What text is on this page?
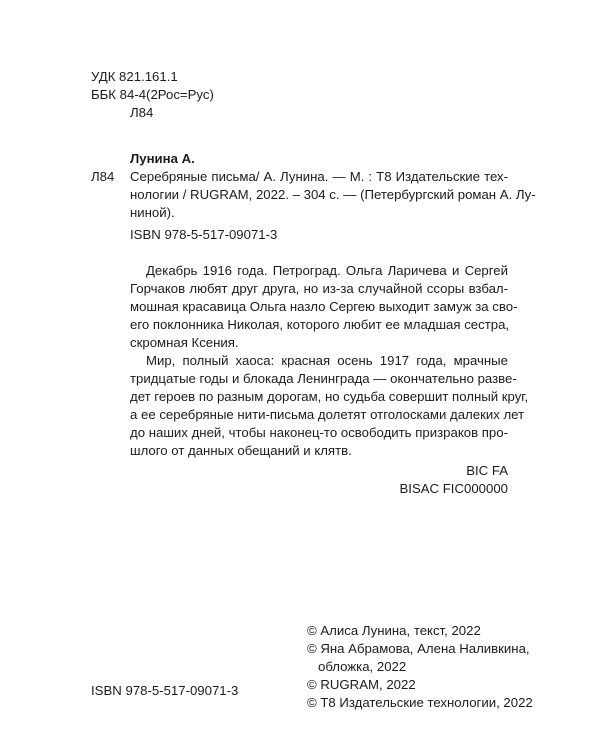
УДК 821.161.1
ББК 84-4(2Рос=Рус)
Л84
Лунина А.
Л84 Серебряные письма/ А. Лунина. — М. : Т8 Издательские тех-
нологии / RUGRAM, 2022. – 304 с. — (Петербургский роман А. Лу-
ниной).
ISBN 978-5-517-09071-3
Декабрь 1916 года. Петроград. Ольга Ларичева и Сергей
Горчаков любят друг друга, но из-за случайной ссоры взбал-
мошная красавица Ольга назло Сергею выходит замуж за сво-
его поклонника Николая, которого любит ее младшая сестра,
скромная Ксения.
Мир, полный хаоса: красная осень 1917 года, мрачные
тридцатые годы и блокада Ленинграда — окончательно разве-
дет героев по разным дорогам, но судьба совершит полный круг,
а ее серебряные нити-письма долетят отголосками далеких лет
до наших дней, чтобы наконец-то освободить призраков про-
шлого от данных обещаний и клятв.
BIC FA
BISAC FIC000000
ISBN 978-5-517-09071-3
© Алиса Лунина, текст, 2022
© Яна Абрамова, Алена Наливкина,
обложка, 2022
© RUGRAM, 2022
© Т8 Издательские технологии, 2022
